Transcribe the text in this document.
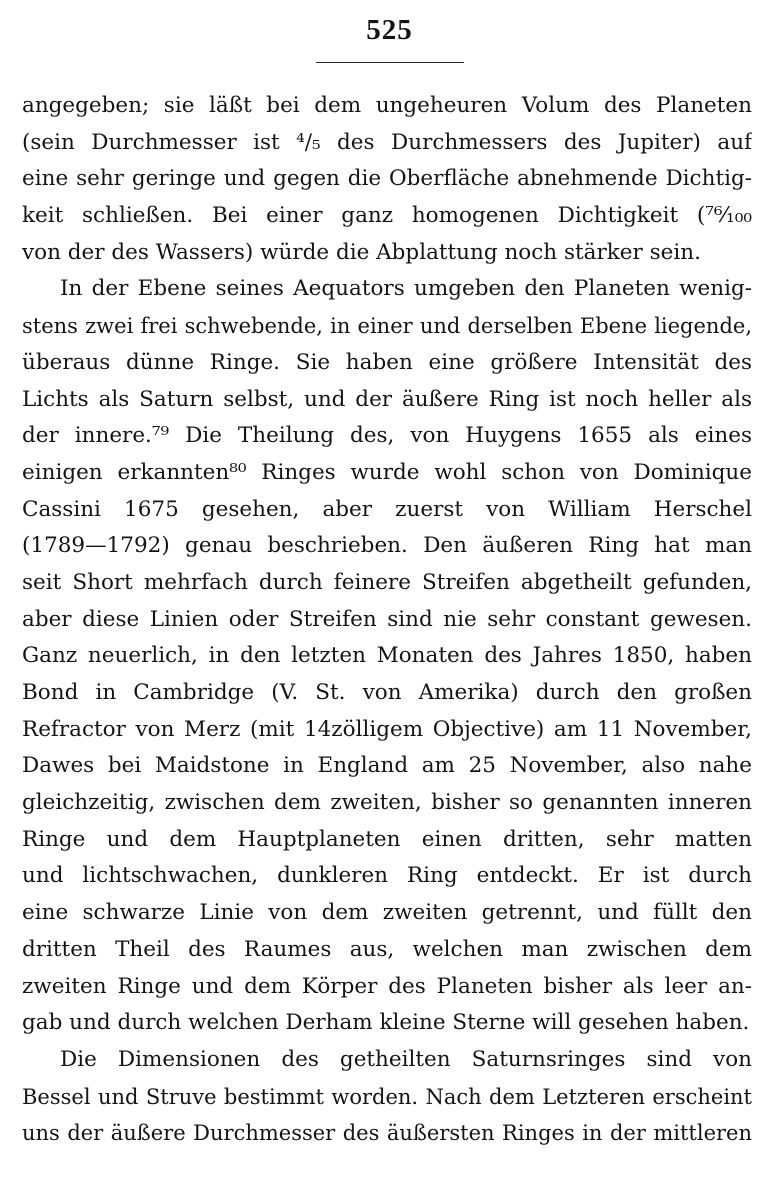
525
angegeben; sie läßt bei dem ungeheuren Volum des Planeten
(sein Durchmesser ist ⁴/₅ des Durchmessers des Jupiter) auf
eine sehr geringe und gegen die Oberfläche abnehmende Dichtig-
keit schließen. Bei einer ganz homogenen Dichtigkeit (⁷⁶⁄₁₀₀
von der des Wassers) würde die Abplattung noch stärker sein.
In der Ebene seines Aequators umgeben den Planeten wenig-
stens zwei frei schwebende, in einer und derselben Ebene liegende,
überaus dünne Ringe. Sie haben eine größere Intensität des
Lichts als Saturn selbst, und der äußere Ring ist noch heller als
der innere.⁷⁹ Die Theilung des, von Huygens 1655 als eines
einigen erkannten⁸⁰ Ringes wurde wohl schon von Dominique
Cassini 1675 gesehen, aber zuerst von William Herschel
(1789—1792) genau beschrieben. Den äußeren Ring hat man
seit Short mehrfach durch feinere Streifen abgetheilt gefunden,
aber diese Linien oder Streifen sind nie sehr constant gewesen.
Ganz neuerlich, in den letzten Monaten des Jahres 1850, haben
Bond in Cambridge (V. St. von Amerika) durch den großen
Refractor von Merz (mit 14zölligem Objective) am 11 November,
Dawes bei Maidstone in England am 25 November, also nahe
gleichzeitig, zwischen dem zweiten, bisher so genannten inneren
Ringe und dem Hauptplaneten einen dritten, sehr matten
und lichtschwachen, dunkleren Ring entdeckt. Er ist durch
eine schwarze Linie von dem zweiten getrennt, und füllt den
dritten Theil des Raumes aus, welchen man zwischen dem
zweiten Ringe und dem Körper des Planeten bisher als leer an-
gab und durch welchen Derham kleine Sterne will gesehen haben.
Die Dimensionen des getheilten Saturnsringes sind von
Bessel und Struve bestimmt worden. Nach dem Letzteren erscheint
uns der äußere Durchmesser des äußersten Ringes in der mittleren
